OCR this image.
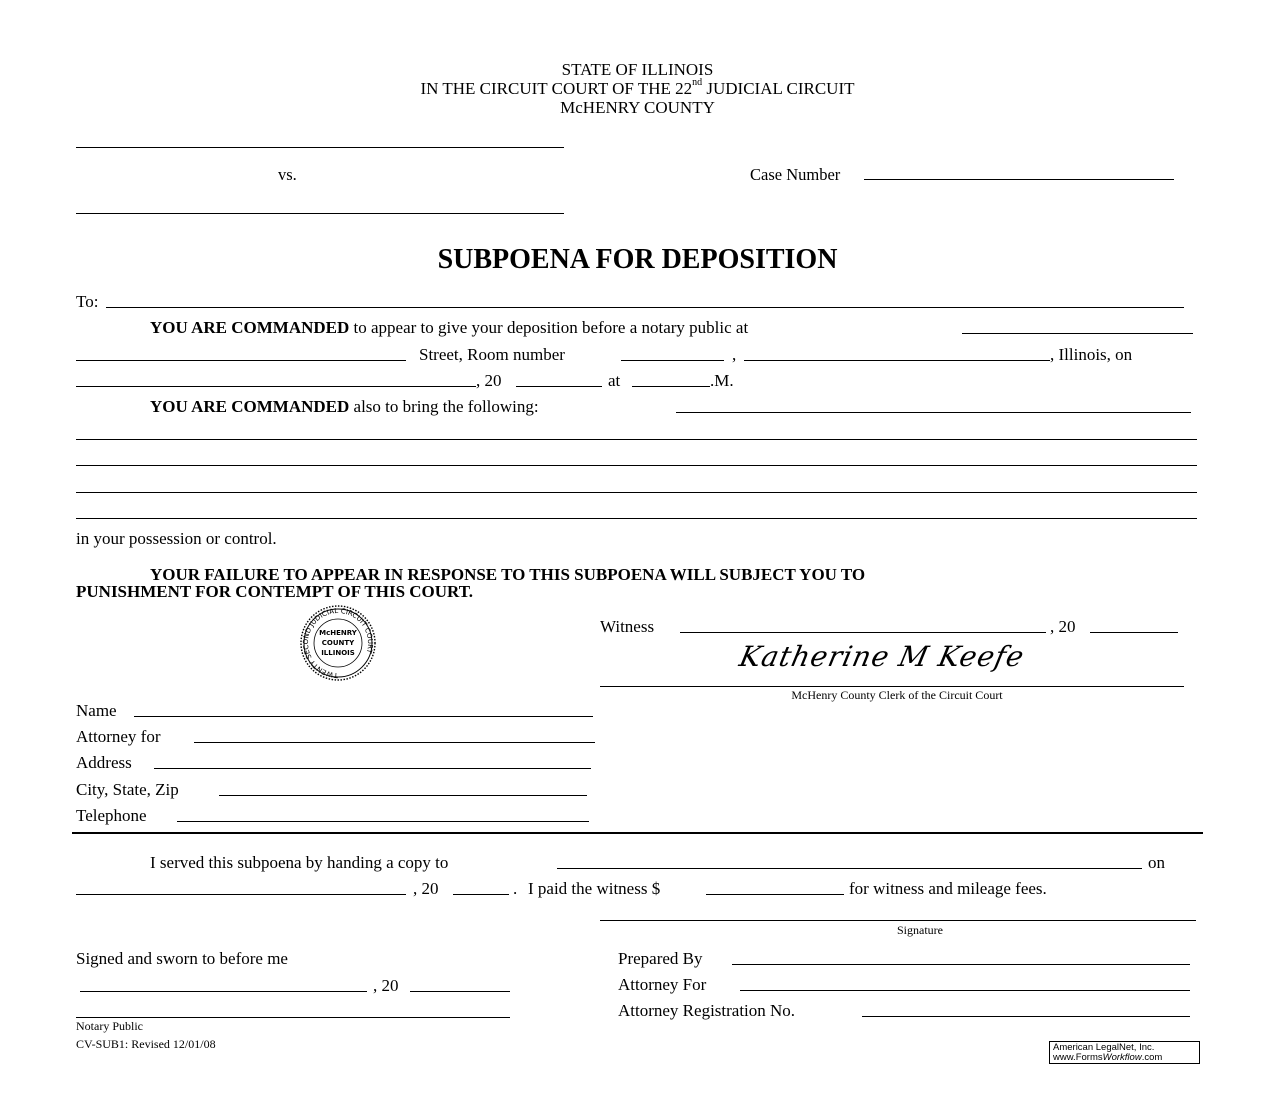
STATE OF ILLINOIS
IN THE CIRCUIT COURT OF THE 22nd JUDICIAL CIRCUIT
McHENRY COUNTY
vs.	Case Number
SUBPOENA FOR DEPOSITION
To:
YOU ARE COMMANDED to appear to give your deposition before a notary public at
Street, Room number	,	, Illinois, on
, 20	at	.M.
YOU ARE COMMANDED also to bring the following:
in your possession or control.
YOUR FAILURE TO APPEAR IN RESPONSE TO THIS SUBPOENA WILL SUBJECT YOU TO
PUNISHMENT FOR CONTEMPT OF THIS COURT.
TWENTY SECOND JUDICIAL CIRCUIT COURT
McHENRY
COUNTY
ILLINOIS
Witness	, 20
Katherine M Keefe
McHenry County Clerk of the Circuit Court
Name
Attorney for
Address
City, State, Zip
Telephone
I served this subpoena by handing a copy to	on
, 20	. I paid the witness $	for witness and mileage fees.
Signature
Signed and sworn to before me
, 20
Notary Public
CV-SUB1: Revised 12/01/08
Prepared By
Attorney For
Attorney Registration No.
American LegalNet, Inc.
www.FormsWorkflow.com
